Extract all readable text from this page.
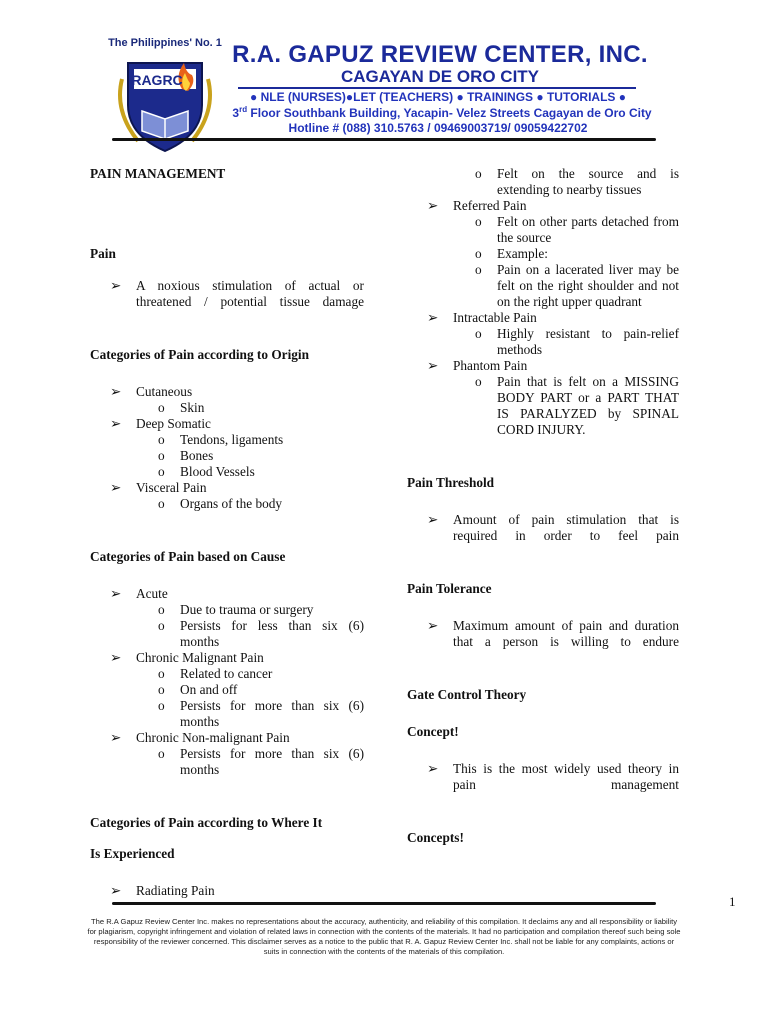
The Philippines' No. 1
RAGRC
R.A. GAPUZ REVIEW CENTER, INC.
CAGAYAN DE ORO CITY
● NLE (NURSES)●LET (TEACHERS) ● TRAININGS ● TUTORIALS ●
3rd Floor Southbank Building, Yacapin- Velez Streets Cagayan de Oro City
Hotline # (088) 310.5763 / 09469003719/ 09059422702
PAIN MANAGEMENT
Pain
➢ A noxious stimulation of actual or threatened / potential tissue damage
Categories of Pain according to Origin
➢ Cutaneous
o Skin
➢ Deep Somatic
o Tendons, ligaments
o Bones
o Blood Vessels
➢ Visceral Pain
o Organs of the body
Categories of Pain based on Cause
➢ Acute
o Due to trauma or surgery
o Persists for less than six (6) months
➢ Chronic Malignant Pain
o Related to cancer
o On and off
o Persists for more than six (6) months
➢ Chronic Non-malignant Pain
o Persists for more than six (6) months
Categories of Pain according to Where It
Is Experienced
➢ Radiating Pain
o Felt on the source and is extending to nearby tissues
➢ Referred Pain
o Felt on other parts detached from the source
o Example:
o Pain on a lacerated liver may be felt on the right shoulder and not on the right upper quadrant
➢ Intractable Pain
o Highly resistant to pain-relief methods
➢ Phantom Pain
o Pain that is felt on a MISSING BODY PART or a PART THAT IS PARALYZED by SPINAL CORD INJURY.
Pain Threshold
➢ Amount of pain stimulation that is required in order to feel pain
Pain Tolerance
➢ Maximum amount of pain and duration that a person is willing to endure
Gate Control Theory
Concept!
➢ This is the most widely used theory in pain management
Concepts!
1
The R.A Gapuz Review Center Inc. makes no representations about the accuracy, authenticity, and reliability of this compilation. It declaims any and all responsibility or liability for plagiarism, copyright infringement and violation of related laws in connection with the contents of the materials. It had no participation and compilation thereof such being sole responsibility of the reviewer concerned. This disclaimer serves as a notice to the public that R. A. Gapuz Review Center Inc. shall not be liable for any complaints, actions or suits in connection with the contents of the materials of this compilation.
